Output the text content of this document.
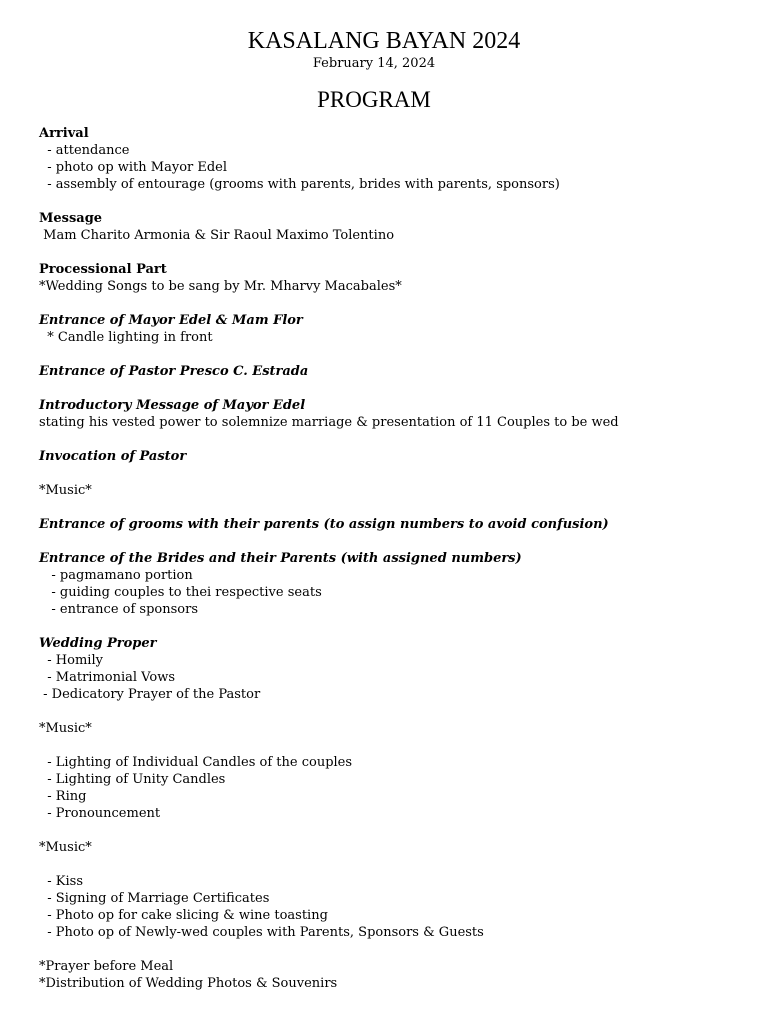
KASALANG BAYAN 2024
February 14, 2024
PROGRAM
Arrival
- attendance
- photo op with Mayor Edel
- assembly of entourage (grooms with parents, brides with parents, sponsors)
Message
Mam Charito Armonia & Sir Raoul Maximo Tolentino
Processional Part
*Wedding Songs to be sang by Mr. Mharvy Macabales*
Entrance of Mayor Edel & Mam Flor
* Candle lighting in front
Entrance of Pastor Presco C. Estrada
Introductory Message of Mayor Edel
stating his vested power to solemnize marriage & presentation of 11 Couples to be wed
Invocation of Pastor
*Music*
Entrance of grooms with their parents (to assign numbers to avoid confusion)
Entrance of the Brides and their Parents (with assigned numbers)
- pagmamano portion
- guiding couples to thei respective seats
- entrance of sponsors
Wedding Proper
- Homily
- Matrimonial Vows
- Dedicatory Prayer of the Pastor
*Music*
- Lighting of Individual Candles of the couples
- Lighting of Unity Candles
- Ring
- Pronouncement
*Music*
- Kiss
- Signing of Marriage Certificates
- Photo op for cake slicing & wine toasting
- Photo op of Newly-wed couples with Parents, Sponsors & Guests
*Prayer before Meal
*Distribution of Wedding Photos & Souvenirs
